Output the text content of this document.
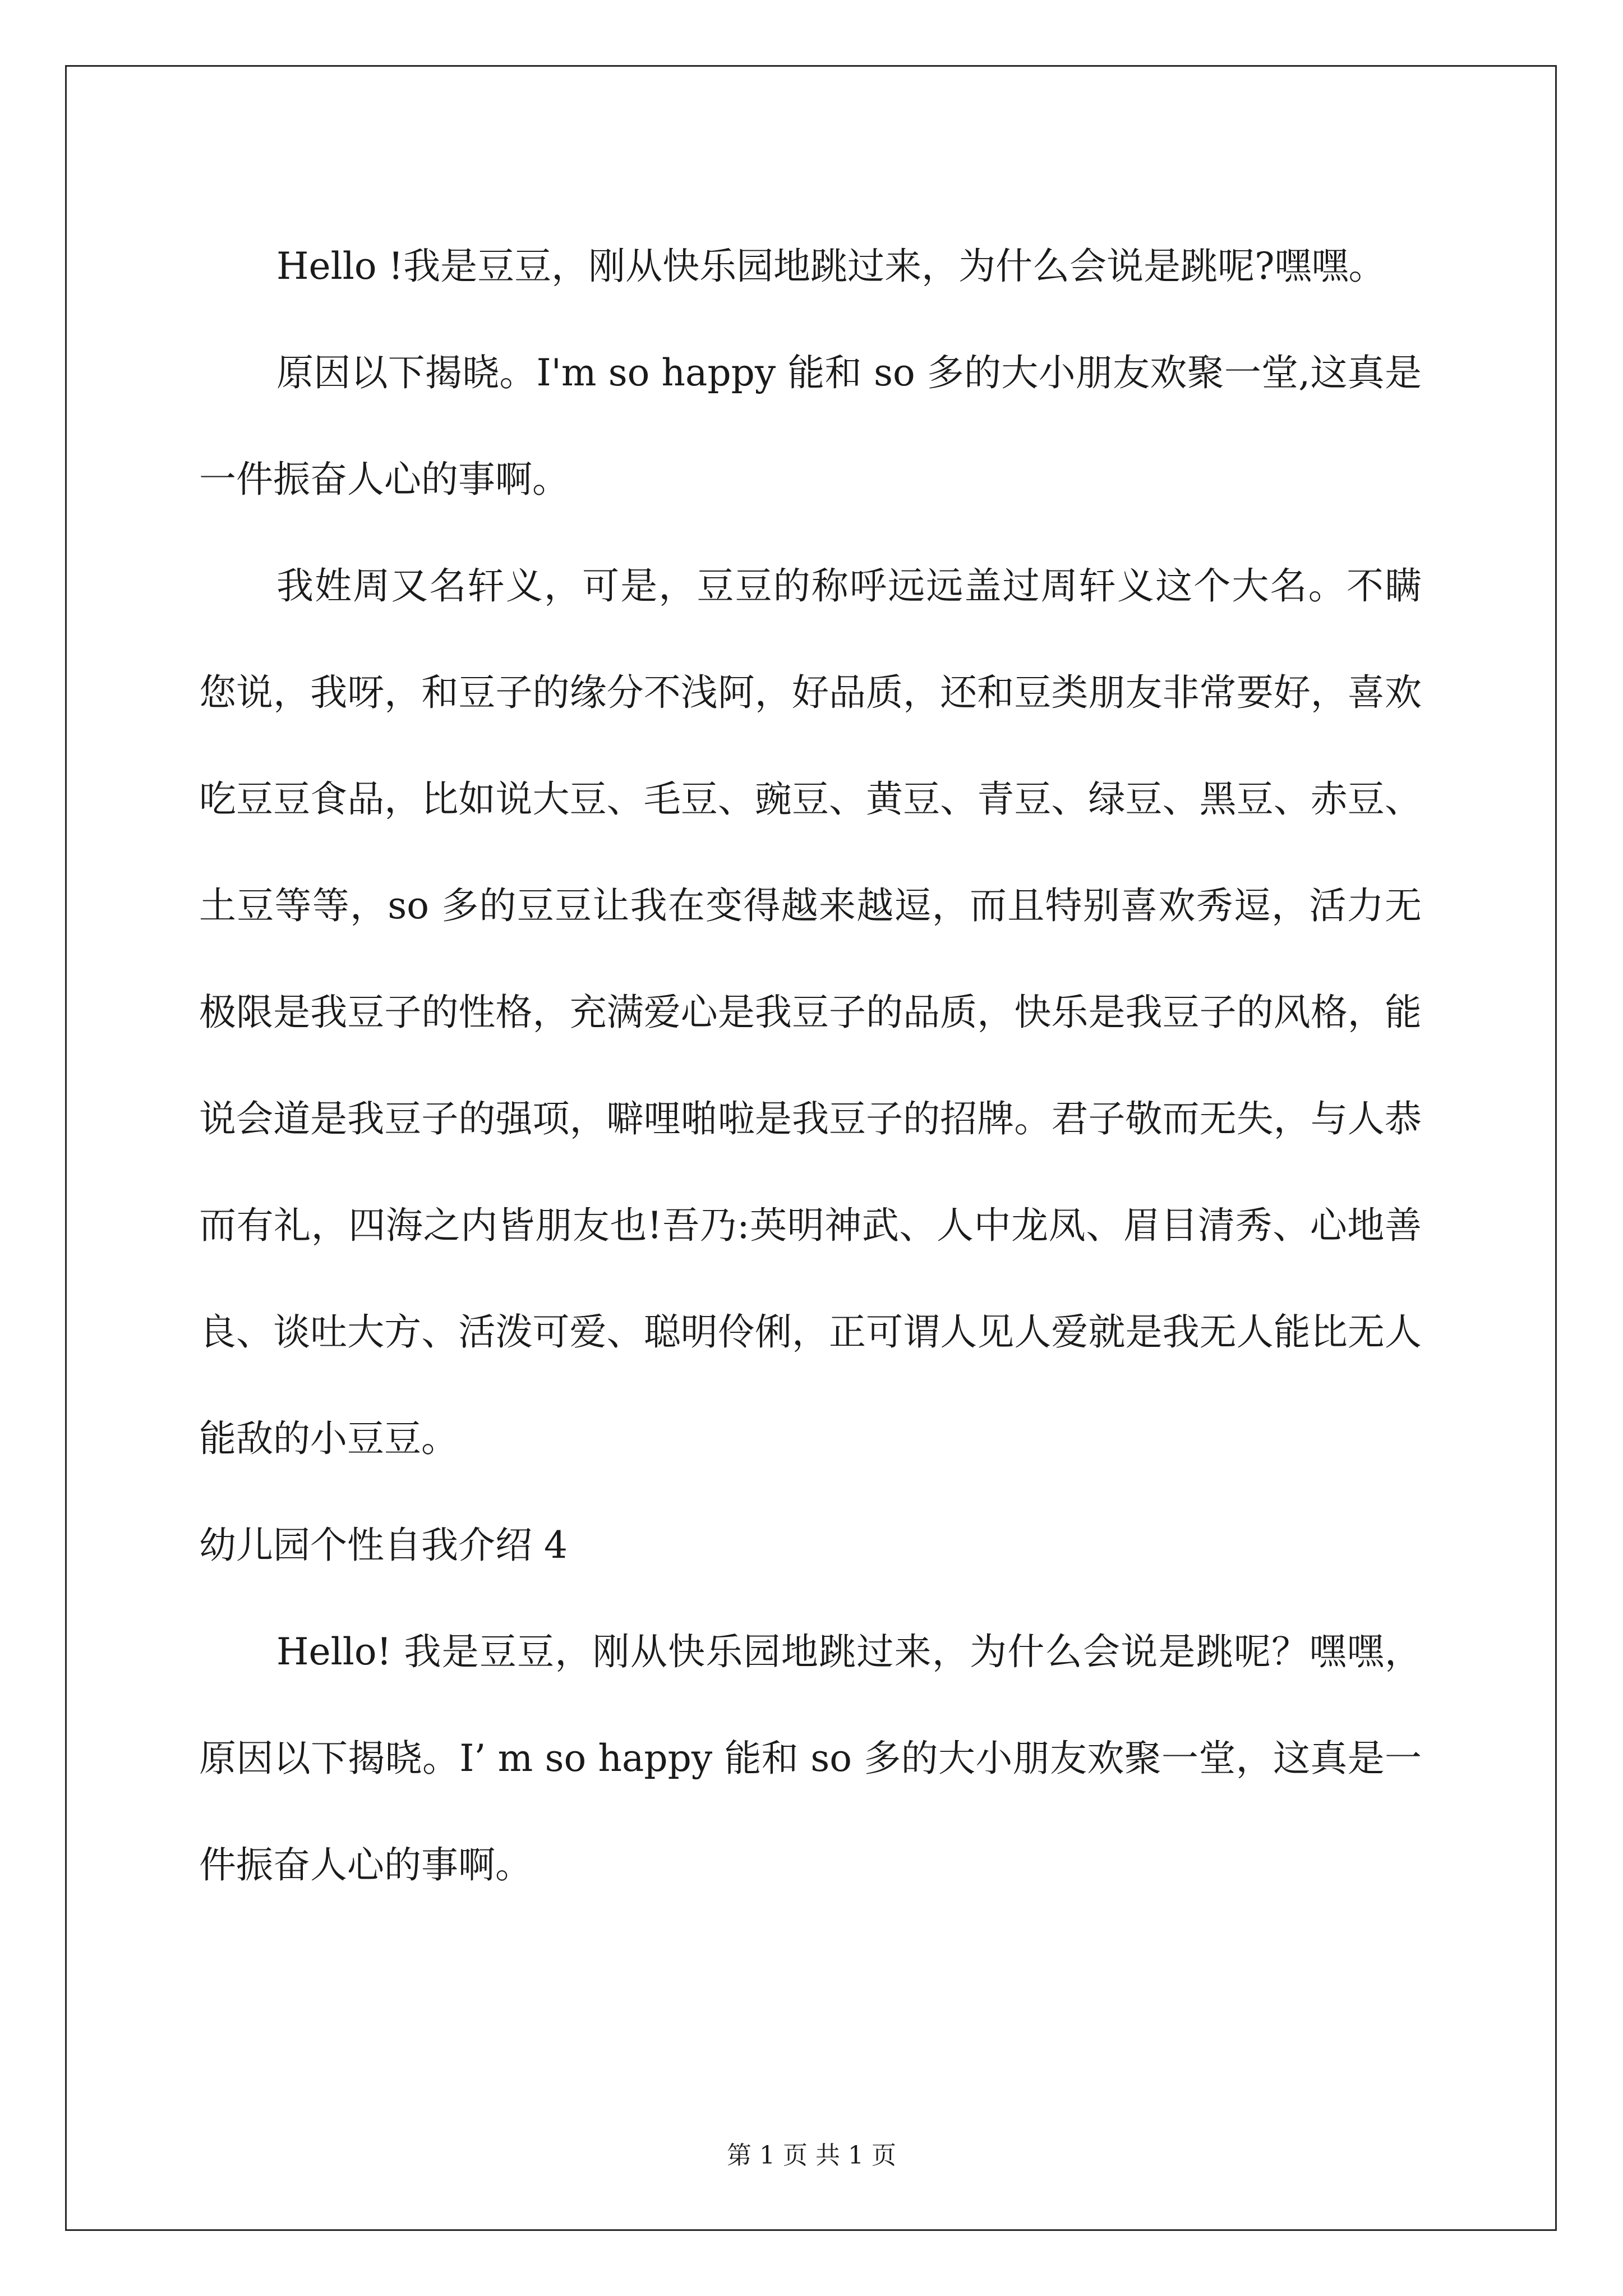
Hello !我是豆豆，刚从快乐园地跳过来，为什么会说是跳呢?嘿嘿。

原因以下揭晓。I'm so happy 能和 so 多的大小朋友欢聚一堂,这真是一件振奋人心的事啊。

我姓周又名轩义，可是，豆豆的称呼远远盖过周轩义这个大名。不瞒您说，我呀，和豆子的缘分不浅阿，好品质，还和豆类朋友非常要好，喜欢吃豆豆食品，比如说大豆、毛豆、豌豆、黄豆、青豆、绿豆、黑豆、赤豆、土豆等等，so 多的豆豆让我在变得越来越逗，而且特别喜欢秀逗，活力无极限是我豆子的性格，充满爱心是我豆子的品质，快乐是我豆子的风格，能说会道是我豆子的强项，噼哩啪啦是我豆子的招牌。君子敬而无失，与人恭而有礼，四海之内皆朋友也!吾乃:英明神武、人中龙凤、眉目清秀、心地善良、谈吐大方、活泼可爱、聪明伶俐，正可谓人见人爱就是我无人能比无人能敌的小豆豆。

幼儿园个性自我介绍 4

Hello! 我是豆豆，刚从快乐园地跳过来，为什么会说是跳呢？嘿嘿，原因以下揭晓。I’ m so happy 能和 so 多的大小朋友欢聚一堂，这真是一件振奋人心的事啊。

第 1 页 共 1 页
